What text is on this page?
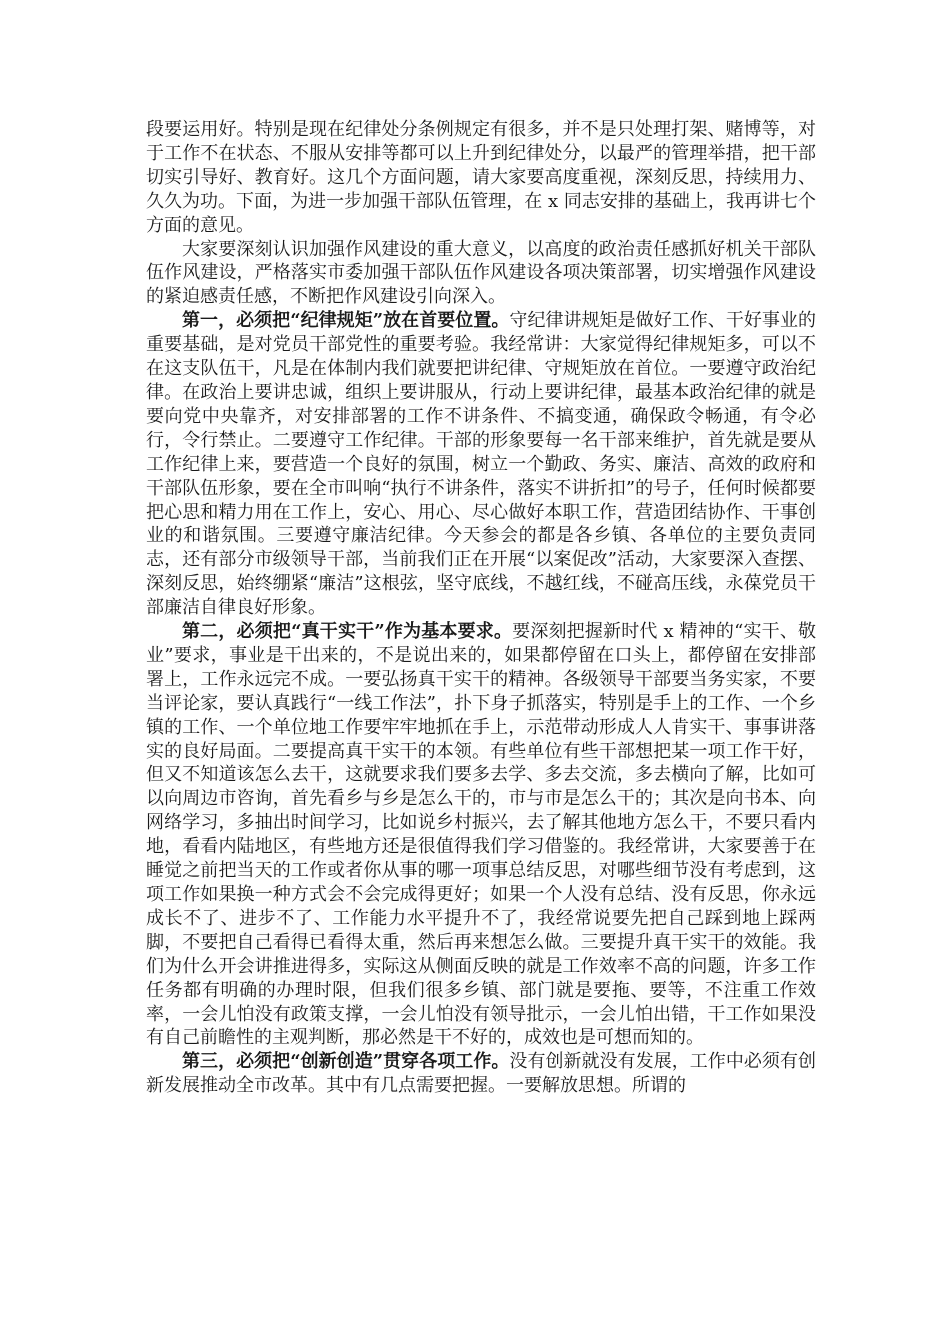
段要运用好。特别是现在纪律处分条例规定有很多，并不是只处理打架、赌博等，对于工作不在状态、不服从安排等都可以上升到纪律处分，以最严的管理举措，把干部切实引导好、教育好。这几个方面问题，请大家要高度重视，深刻反思，持续用力、久久为功。下面，为进一步加强干部队伍管理，在 x 同志安排的基础上，我再讲七个方面的意见。

大家要深刻认识加强作风建设的重大意义，以高度的政治责任感抓好机关干部队伍作风建设，严格落实市委加强干部队伍作风建设各项决策部署，切实增强作风建设的紧迫感责任感，不断把作风建设引向深入。

第一，必须把“纪律规矩”放在首要位置。守纪律讲规矩是做好工作、干好事业的重要基础，是对党员干部党性的重要考验。我经常讲：大家觉得纪律规矩多，可以不在这支队伍干，凡是在体制内我们就要把讲纪律、守规矩放在首位。一要遵守政治纪律。在政治上要讲忠诚，组织上要讲服从，行动上要讲纪律，最基本政治纪律的就是要向党中央靠齐，对安排部署的工作不讲条件、不搞变通，确保政令畅通，有令必行，令行禁止。二要遵守工作纪律。干部的形象要每一名干部来维护，首先就是要从工作纪律上来，要营造一个良好的氛围，树立一个勤政、务实、廉洁、高效的政府和干部队伍形象，要在全市叫响“执行不讲条件，落实不讲折扣”的号子，任何时候都要把心思和精力用在工作上，安心、用心、尽心做好本职工作，营造团结协作、干事创业的和谐氛围。三要遵守廉洁纪律。今天参会的都是各乡镇、各单位的主要负责同志，还有部分市级领导干部，当前我们正在开展“以案促改”活动，大家要深入查摆、深刻反思，始终绷紧“廉洁”这根弦，坚守底线，不越红线，不碰高压线，永葆党员干部廉洁自律良好形象。

第二，必须把“真干实干”作为基本要求。要深刻把握新时代 x 精神的“实干、敬业”要求，事业是干出来的，不是说出来的，如果都停留在口头上，都停留在安排部署上，工作永远完不成。一要弘扬真干实干的精神。各级领导干部要当务实家，不要当评论家，要认真践行“一线工作法”，扑下身子抓落实，特别是手上的工作、一个乡镇的工作、一个单位地工作要牢牢地抓在手上，示范带动形成人人肯实干、事事讲落实的良好局面。二要提高真干实干的本领。有些单位有些干部想把某一项工作干好，但又不知道该怎么去干，这就要求我们要多去学、多去交流，多去横向了解，比如可以向周边市咨询，首先看乡与乡是怎么干的，市与市是怎么干的；其次是向书本、向网络学习，多抽出时间学习，比如说乡村振兴，去了解其他地方怎么干，不要只看内地，看看内陆地区，有些地方还是很值得我们学习借鉴的。我经常讲，大家要善于在睡觉之前把当天的工作或者你从事的哪一项事总结反思，对哪些细节没有考虑到，这项工作如果换一种方式会不会完成得更好；如果一个人没有总结、没有反思，你永远成长不了、进步不了、工作能力水平提升不了，我经常说要先把自己踩到地上踩两脚，不要把自己看得已看得太重，然后再来想怎么做。三要提升真干实干的效能。我们为什么开会讲推进得多，实际这从侧面反映的就是工作效率不高的问题，许多工作任务都有明确的办理时限，但我们很多乡镇、部门就是要拖、要等，不注重工作效率，一会儿怕没有政策支撑，一会儿怕没有领导批示，一会儿怕出错，干工作如果没有自己前瞻性的主观判断，那必然是干不好的，成效也是可想而知的。

第三，必须把“创新创造”贯穿各项工作。没有创新就没有发展，工作中必须有创新发展推动全市改革。其中有几点需要把握。一要解放思想。所谓的
